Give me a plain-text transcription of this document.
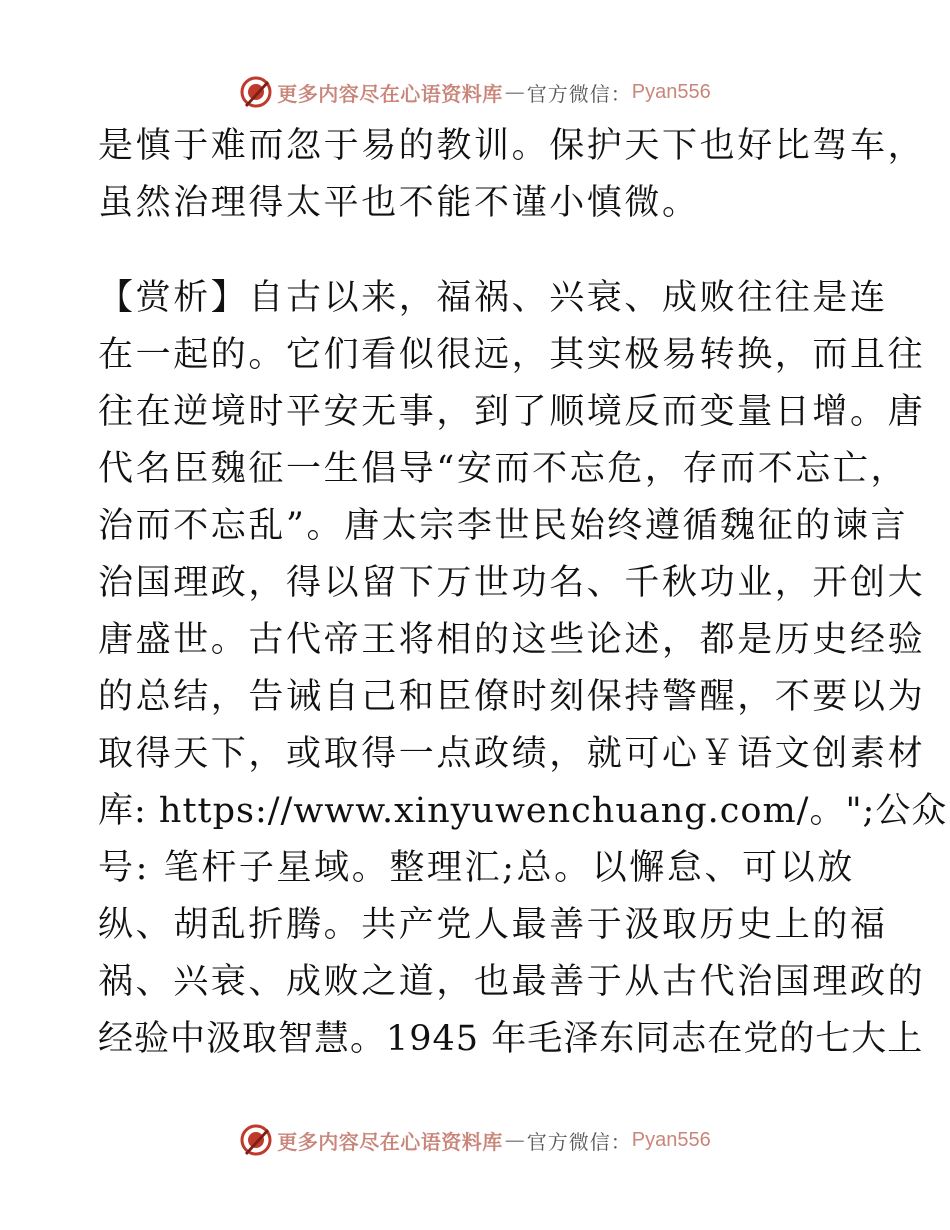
更多内容尽在心语资料库 — 官方微信： Pyan556
是慎于难而忽于易的教训。保护天下也好比驾车，
虽然治理得太平也不能不谨小慎微。
【赏析】自古以来，福祸、兴衰、成败往往是连
在一起的。它们看似很远，其实极易转换，而且往
往在逆境时平安无事，到了顺境反而变量日增。唐
代名臣魏征一生倡导“安而不忘危，存而不忘亡，
治而不忘乱”。唐太宗李世民始终遵循魏征的谏言
治国理政，得以留下万世功名、千秋功业，开创大
唐盛世。古代帝王将相的这些论述，都是历史经验
的总结，告诫自己和臣僚时刻保持警醒，不要以为
取得天下，或取得一点政绩，就可心￥语文创素材
库: https://www.xinyuwenchuang.com/。";公众
号: 笔杆子星域。整理汇;总。以懈怠、可以放
纵、胡乱折腾。共产党人最善于汲取历史上的福
祸、兴衰、成败之道，也最善于从古代治国理政的
经验中汲取智慧。1945 年毛泽东同志在党的七大上
更多内容尽在心语资料库 — 官方微信： Pyan556
